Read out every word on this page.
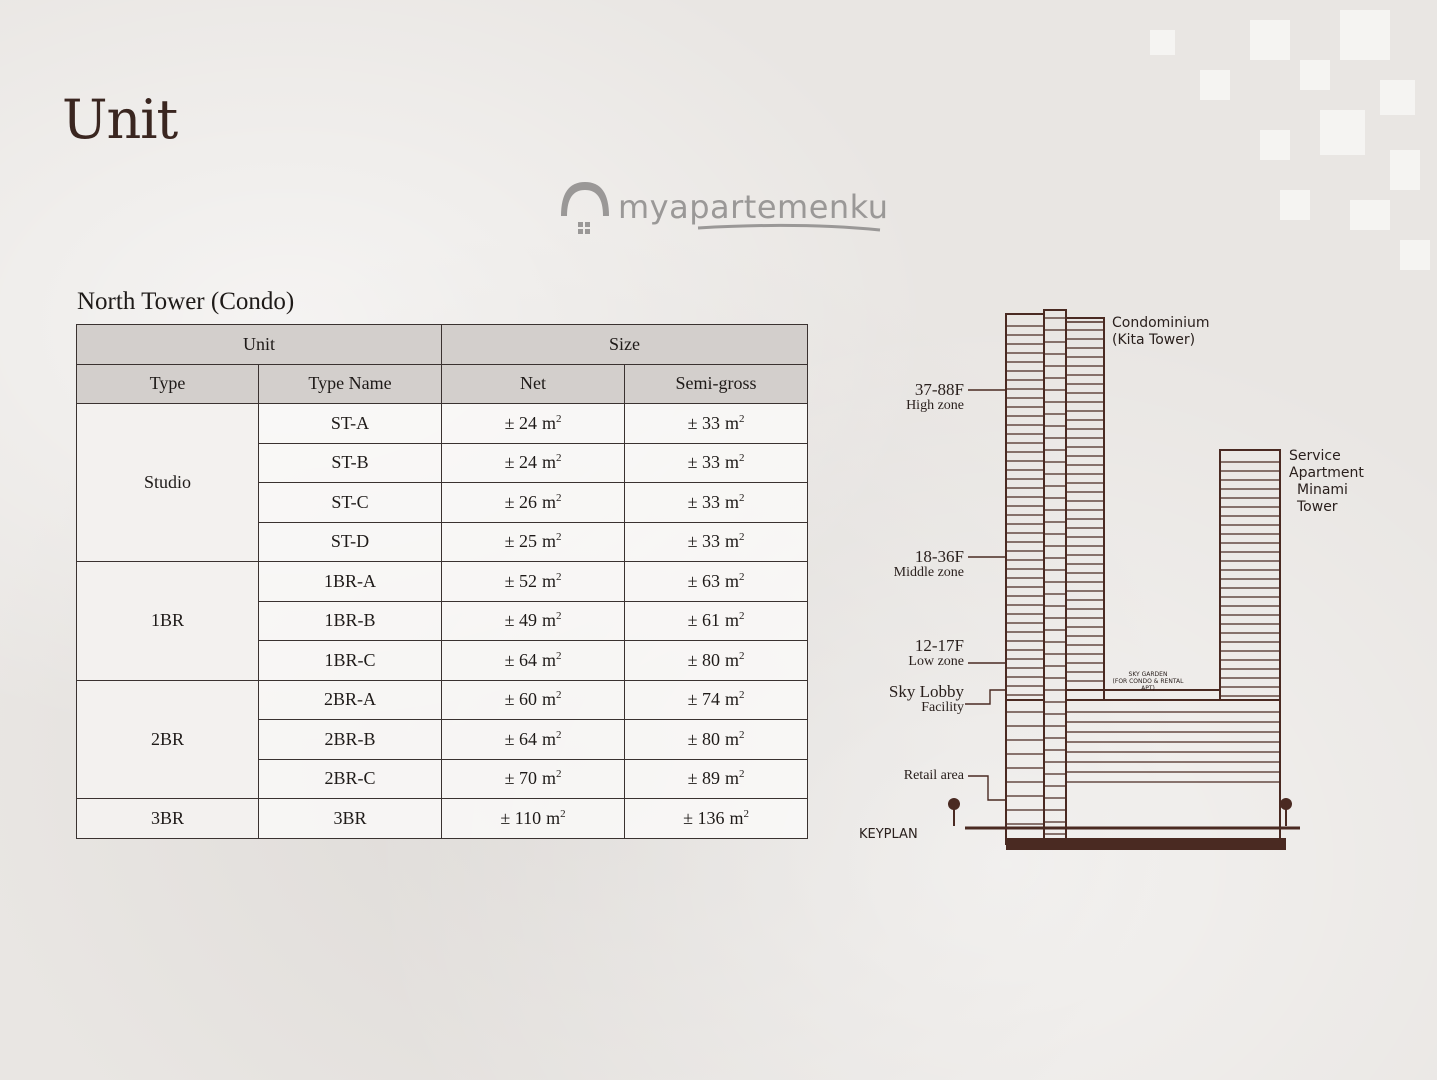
Unit
myapartemenku
North Tower (Condo)
Unit		Size	
Type	Type Name	Net	Semi-gross
Studio	ST-A	± 24 $m^2$	± 33 $m^2$
	ST-B	± 24 $m^2$	± 33 $m^2$
	ST-C	± 26 $m^2$	± 33 $m^2$
	ST-D	± 25 $m^2$	± 33 $m^2$
1BR	1BR-A	± 52 $m^2$	± 63 $m^2$
	1BR-B	± 49 $m^2$	± 61 $m^2$
	1BR-C	± 64 $m^2$	± 80 $m^2$
2BR	2BR-A	± 60 $m^2$	± 74 $m^2$
	2BR-B	± 64 $m^2$	± 80 $m^2$
	2BR-C	± 70 $m^2$	± 89 $m^2$
3BR	3BR	± 110 $m^2$	± 136 $m^2$
Condominium
(Kita Tower)
Service
Apartment
Minami
Tower
37-88F
High zone
18-36F
Middle zone
12-17F
Low zone
Sky Lobby
Facility
Retail area
KEYPLAN
SKY GARDEN
(FOR CONDO & RENTAL APT)
